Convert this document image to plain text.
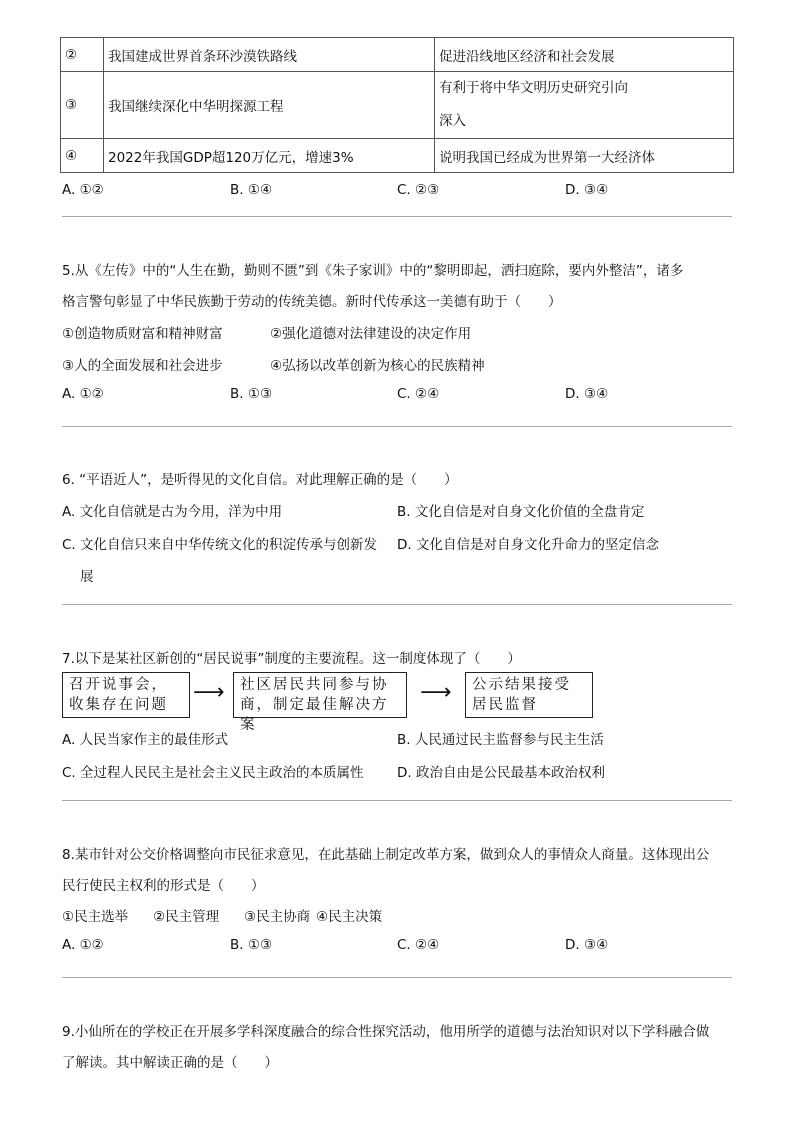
②	我国建成世界首条环沙漠铁路线	促进沿线地区经济和社会发展
③	我国继续深化中华明探源工程	有利于将中华文明历史研究引向
深入

④	2022年我国GDP超120万亿元，增速3%	说明我国已经成为世界第一大经济体
A. ①②	B. ①④	C. ②③	D. ③④
5.从《左传》中的“人生在勤，勤则不匮”到《朱子家训》中的“黎明即起，洒扫庭除，要内外整洁”，诸多
格言警句彰显了中华民族勤于劳动的传统美德。新时代传承这一美德有助于（　　）
①创造物质财富和精神财富	②强化道德对法律建设的决定作用
③人的全面发展和社会进步	④弘扬以改革创新为核心的民族精神
A. ①②	B. ①③	C. ②④	D. ③④
6. “平语近人”，是听得见的文化自信。对此理解正确的是（　　）
A. 文化自信就是古为今用，洋为中用	B. 文化自信是对自身文化价值的全盘肯定
C. 文化自信只来自中华传统文化的积淀传承与创新发 D. 文化自信是对自身文化升命力的坚定信念
展
7.以下是某社区新创的“居民说事”制度的主要流程。这一制度体现了（　　）
召开说事会，
收集存在问题	⟶ 社区居民共同参与协
商，制定最佳解决方案
⟶ 公示结果接受
居民监督
A. 人民当家作主的最佳形式	B. 人民通过民主监督参与民主生活
C. 全过程人民民主是社会主义民主政治的本质属性 D. 政治自由是公民最基本政治权利
8.某市针对公交价格调整向市民征求意见，在此基础上制定改革方案，做到众人的事情众人商量。这体现出公
民行使民主权利的形式是（　　）
①民主选举 ②民主管理 ③民主协商 ④民主决策
A. ①②	B. ①③	C. ②④	D. ③④
9.小仙所在的学校正在开展多学科深度融合的综合性探究活动，他用所学的道德与法治知识对以下学科融合做
了解读。其中解读正确的是（　　）
